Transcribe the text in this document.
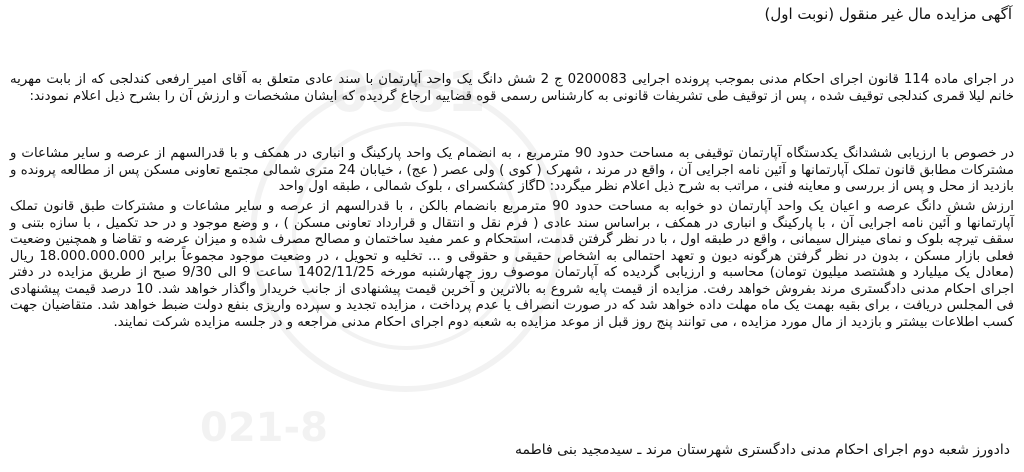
0081
021-8
آگهی مزایده مال غیر منقول (نوبت اول)

در اجرای ماده 114 قانون اجرای احکام مدنی بموجب پرونده اجرایی 0200083 ج 2 شش دانگ یک واحد آپارتمان با سند عادی متعلق به آقای امیر ارفعی کندلجی که از بابت مهریه خانم لیلا قمری کندلجی توقیف شده ، پس از توقیف طی تشریفات قانونی به کارشناس رسمی قوه قضاییه ارجاع گردیده که ایشان مشخصات و ارزش آن را بشرح ذیل اعلام نمودند:

در خصوص با ارزیابی ششدانگ یکدستگاه آپارتمان توقیفی به مساحت حدود 90 مترمربع ، به انضمام یک واحد پارکینگ و انباری در همکف و با قدرالسهم از عرصه و سایر مشاعات و مشترکات مطابق قانون تملک آپارتمانها و آئین نامه اجرایی آن ، واقع در مرند ، شهرک ( کوی ) ولی عصر ( عج) ، خیابان 24 متری شمالی مجتمع تعاونی مسکن پس از مطالعه پرونده و بازدید از محل و پس از بررسی و معاینه فنی ، مراتب به شرح ذیل اعلام نظر میگردد: Dگاز کشکسرای ، بلوک شمالی ، طبقه اول واحد

ارزش شش دانگ عرصه و اعیان یک واحد آپارتمان دو خوابه به مساحت حدود 90 مترمربع بانضمام بالکن ، با قدرالسهم از عرصه و سایر مشاعات و مشترکات طبق قانون تملک آپارتمانها و آئین نامه اجرایی آن ، با پارکینگ و انباری در همکف ، براساس سند عادی ( فرم نقل و انتقال و قرارداد تعاونی مسکن ) ، و وضع موجود و در حد تکمیل ، با سازه بتنی و سقف تیرچه بلوک و نمای مینرال سیمانی ، واقع در طبقه اول ، با در نظر گرفتن قدمت، استحکام و عمر مفید ساختمان و مصالح مصرف شده و میزان عرضه و تقاضا و همچنین وضعیت فعلی بازار مسکن ، بدون در نظر گرفتن هرگونه دیون و تعهد احتمالی به اشخاص حقیقی و حقوقی و ... تخلیه و تحویل ، در وضعیت موجود مجموعاً برابر 18.000.000.000 ریال (معادل یک میلیارد و هشتصد میلیون تومان) محاسبه و ارزیابی گردیده که آپارتمان موصوف روز چهارشنبه مورخه 1402/11/25 ساعت 9 الی 9/30 صبح از طریق مزایده در دفتر اجرای احکام مدنی دادگستری مرند بفروش خواهد رفت. مزایده از قیمت پایه شروع به بالاترین و آخرین قیمت پیشنهادی از جانب خریدار واگذار خواهد شد. 10 درصد قیمت پیشنهادی فی المجلس دریافت ، برای بقیه بهمت یک ماه مهلت داده خواهد شد که در صورت انصراف یا عدم پرداخت ، مزایده تجدید و سپرده واریزی بنفع دولت ضبط خواهد شد. متقاضیان جهت کسب اطلاعات بیشتر و بازدید از مال مورد مزایده ، می توانند پنج روز قبل از موعد مزایده به شعبه دوم اجرای احکام مدنی مراجعه و در جلسه مزایده شرکت نمایند.

دادورز شعبه دوم اجرای احکام مدنی دادگستری شهرستان مرند ـ سیدمجید بنی فاطمه
